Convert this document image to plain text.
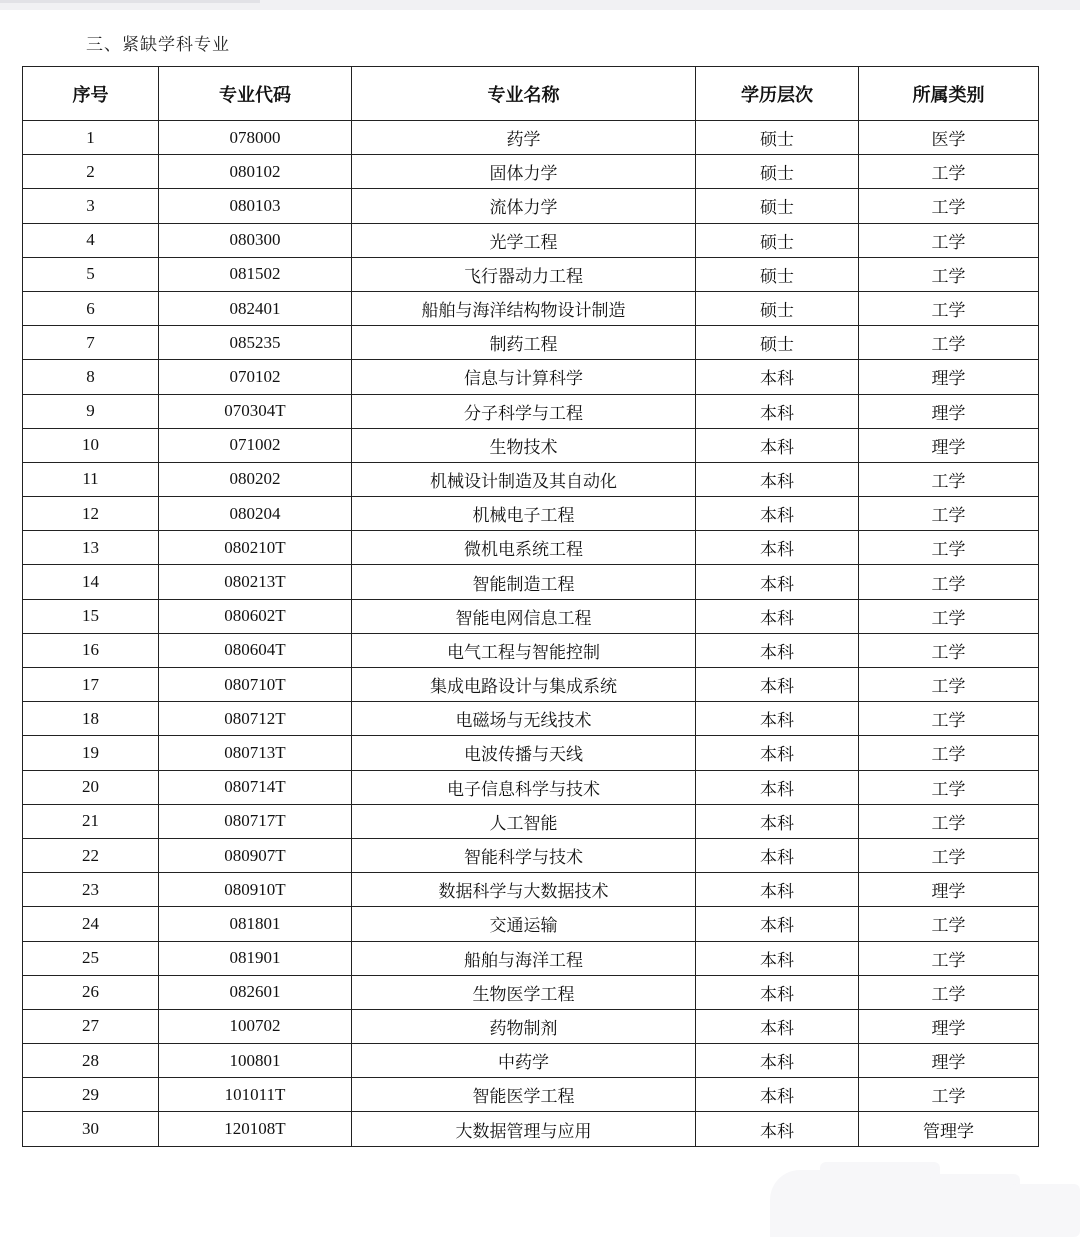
三、紧缺学科专业
序号	专业代码	专业名称	学历层次	所属类别
1	078000	药学	硕士	医学
2	080102	固体力学	硕士	工学
3	080103	流体力学	硕士	工学
4	080300	光学工程	硕士	工学
5	081502	飞行器动力工程	硕士	工学
6	082401	船舶与海洋结构物设计制造	硕士	工学
7	085235	制药工程	硕士	工学
8	070102	信息与计算科学	本科	理学
9	070304T	分子科学与工程	本科	理学
10	071002	生物技术	本科	理学
11	080202	机械设计制造及其自动化	本科	工学
12	080204	机械电子工程	本科	工学
13	080210T	微机电系统工程	本科	工学
14	080213T	智能制造工程	本科	工学
15	080602T	智能电网信息工程	本科	工学
16	080604T	电气工程与智能控制	本科	工学
17	080710T	集成电路设计与集成系统	本科	工学
18	080712T	电磁场与无线技术	本科	工学
19	080713T	电波传播与天线	本科	工学
20	080714T	电子信息科学与技术	本科	工学
21	080717T	人工智能	本科	工学
22	080907T	智能科学与技术	本科	工学
23	080910T	数据科学与大数据技术	本科	理学
24	081801	交通运输	本科	工学
25	081901	船舶与海洋工程	本科	工学
26	082601	生物医学工程	本科	工学
27	100702	药物制剂	本科	理学
28	100801	中药学	本科	理学
29	101011T	智能医学工程	本科	工学
30	120108T	大数据管理与应用	本科	管理学
